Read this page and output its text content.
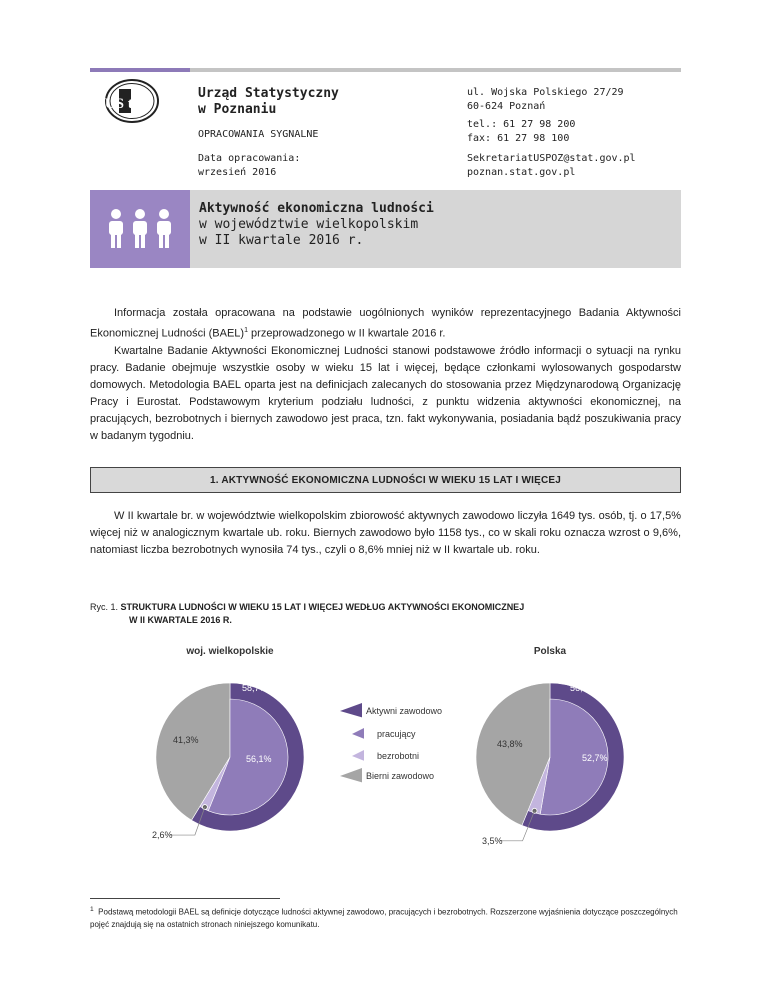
US tat
Urząd Statystyczny
w Poznaniu
OPRACOWANIA SYGNALNE
Data opracowania:
wrzesień 2016
ul. Wojska Polskiego 27/29
60-624 Poznań
tel.: 61 27 98 200
fax: 61 27 98 100
SekretariatUSPOZ@stat.gov.pl
poznan.stat.gov.pl
Aktywność ekonomiczna ludności
w województwie wielkopolskim
w II kwartale 2016 r.

Informacja została opracowana na podstawie uogólnionych wyników reprezentacyjnego Badania Aktywności Ekonomicznej Ludności (BAEL)$^1$ przeprowadzonego w II kwartale 2016 r.

Kwartalne Badanie Aktywności Ekonomicznej Ludności stanowi podstawowe źródło informacji o sytuacji na rynku pracy. Badanie obejmuje wszystkie osoby w wieku 15 lat i więcej, będące członkami wylosowanych gospodarstw domowych. Metodologia BAEL oparta jest na definicjach zalecanych do stosowania przez Międzynarodową Organizację Pracy i Eurostat. Podstawowym kryterium podziału ludności, z punktu widzenia aktywności ekonomicznej, na pracujących, bezrobotnych i biernych zawodowo jest praca, tzn. fakt wykonywania, posiadania bądź poszukiwania pracy w badanym tygodniu.

1. AKTYWNOŚĆ EKONOMICZNA LUDNOŚCI W WIEKU 15 LAT I WIĘCEJ

W II kwartale br. w województwie wielkopolskim zbiorowość aktywnych zawodowo liczyła 1649 tys. osób, tj. o 17,5% więcej niż w analogicznym kwartale ub. roku. Biernych zawodowo było 1158 tys., co w skali roku oznacza wzrost o 9,6%, natomiast liczba bezrobotnych wynosiła 74 tys., czyli o 8,6% mniej niż w II kwartale ub. roku.

Ryc. 1. STRUKTURA LUDNOŚCI W WIEKU 15 LAT I WIĘCEJ WEDŁUG AKTYWNOŚCI EKONOMICZNEJ
W II KWARTALE 2016 R.
woj. wielkopolskie
58,7%
56,1%
41,3%
2,6%
Polska
56,2%
52,7%
43,8%
3,5%
Aktywni zawodowo
pracujący
bezrobotni
Bierni zawodowo
$^1$ Podstawą metodologii BAEL są definicje dotyczące ludności aktywnej zawodowo, pracujących i bezrobotnych. Rozszerzone wyjaśnienia dotyczące poszczególnych pojęć znajdują się na ostatnich stronach niniejszego komunikatu.
